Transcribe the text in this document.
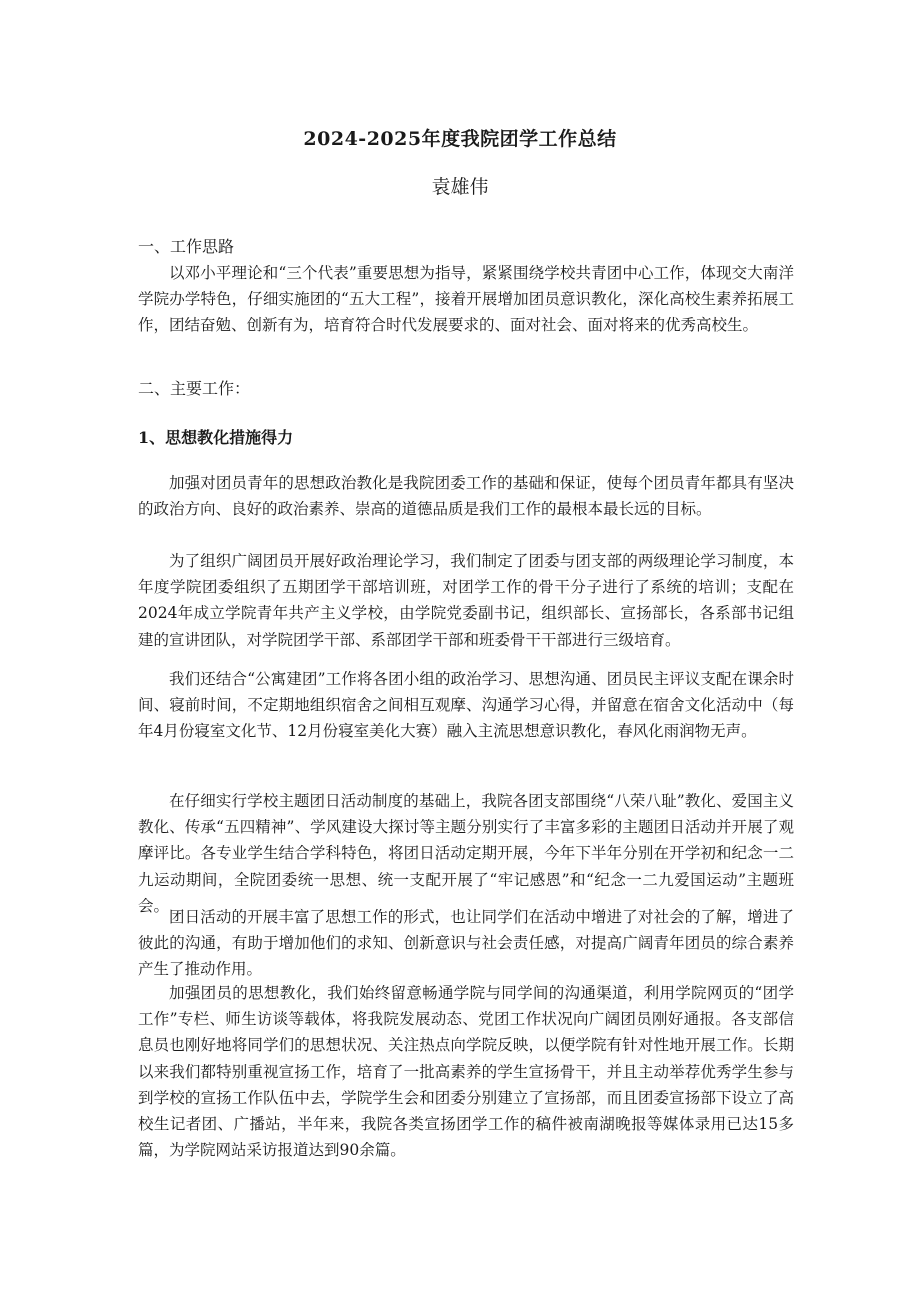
2024-2025年度我院团学工作总结
袁雄伟
一、工作思路

以邓小平理论和“三个代表”重要思想为指导，紧紧围绕学校共青团中心工作，体现交大南洋学院办学特色，仔细实施团的“五大工程”，接着开展增加团员意识教化，深化高校生素养拓展工作，团结奋勉、创新有为，培育符合时代发展要求的、面对社会、面对将来的优秀高校生。

二、主要工作：
1、思想教化措施得力

加强对团员青年的思想政治教化是我院团委工作的基础和保证，使每个团员青年都具有坚决的政治方向、良好的政治素养、崇高的道德品质是我们工作的最根本最长远的目标。

为了组织广阔团员开展好政治理论学习，我们制定了团委与团支部的两级理论学习制度，本年度学院团委组织了五期团学干部培训班，对团学工作的骨干分子进行了系统的培训；支配在2024年成立学院青年共产主义学校，由学院党委副书记，组织部长、宣扬部长，各系部书记组建的宣讲团队，对学院团学干部、系部团学干部和班委骨干干部进行三级培育。

我们还结合“公寓建团”工作将各团小组的政治学习、思想沟通、团员民主评议支配在课余时间、寝前时间，不定期地组织宿舍之间相互观摩、沟通学习心得，并留意在宿舍文化活动中（每年4月份寝室文化节、12月份寝室美化大赛）融入主流思想意识教化，春风化雨润物无声。

在仔细实行学校主题团日活动制度的基础上，我院各团支部围绕“八荣八耻”教化、爱国主义教化、传承“五四精神”、学风建设大探讨等主题分别实行了丰富多彩的主题团日活动并开展了观摩评比。各专业学生结合学科特色，将团日活动定期开展，今年下半年分别在开学初和纪念一二九运动期间，全院团委统一思想、统一支配开展了“牢记感恩”和“纪念一二九爱国运动”主题班会。

团日活动的开展丰富了思想工作的形式，也让同学们在活动中增进了对社会的了解，增进了彼此的沟通，有助于增加他们的求知、创新意识与社会责任感，对提高广阔青年团员的综合素养产生了推动作用。

加强团员的思想教化，我们始终留意畅通学院与同学间的沟通渠道，利用学院网页的“团学工作”专栏、师生访谈等载体，将我院发展动态、党团工作状况向广阔团员刚好通报。各支部信息员也刚好地将同学们的思想状况、关注热点向学院反映，以便学院有针对性地开展工作。长期以来我们都特别重视宣扬工作，培育了一批高素养的学生宣扬骨干，并且主动举荐优秀学生参与到学校的宣扬工作队伍中去，学院学生会和团委分别建立了宣扬部，而且团委宣扬部下设立了高校生记者团、广播站，半年来，我院各类宣扬团学工作的稿件被南湖晚报等媒体录用已达15多篇，为学院网站采访报道达到90余篇。
